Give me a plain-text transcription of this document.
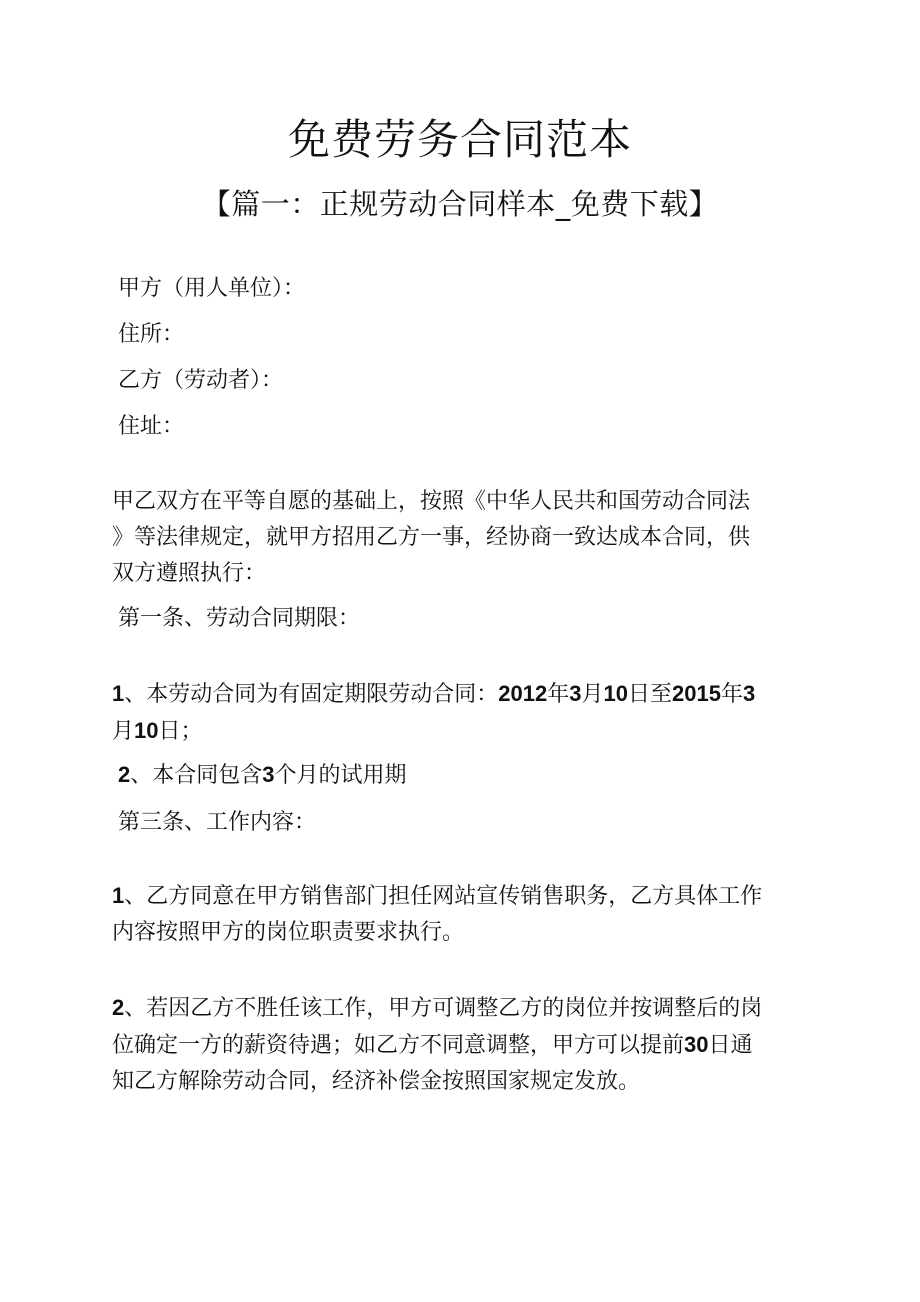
免费劳务合同范本
【篇一：正规劳动合同样本_免费下载】
甲方（用人单位）：
住所：
乙方（劳动者）：
住址：
甲乙双方在平等自愿的基础上，按照《中华人民共和国劳动合同法
》等法律规定，就甲方招用乙方一事，经协商一致达成本合同，供
双方遵照执行：
第一条、劳动合同期限：
1、本劳动合同为有固定期限劳动合同：2012年3月10日至2015年3
月10日；
2、本合同包含3个月的试用期
第三条、工作内容：
1、乙方同意在甲方销售部门担任网站宣传销售职务，乙方具体工作
内容按照甲方的岗位职责要求执行。
2、若因乙方不胜任该工作，甲方可调整乙方的岗位并按调整后的岗
位确定一方的薪资待遇；如乙方不同意调整，甲方可以提前30日通
知乙方解除劳动合同，经济补偿金按照国家规定发放。
